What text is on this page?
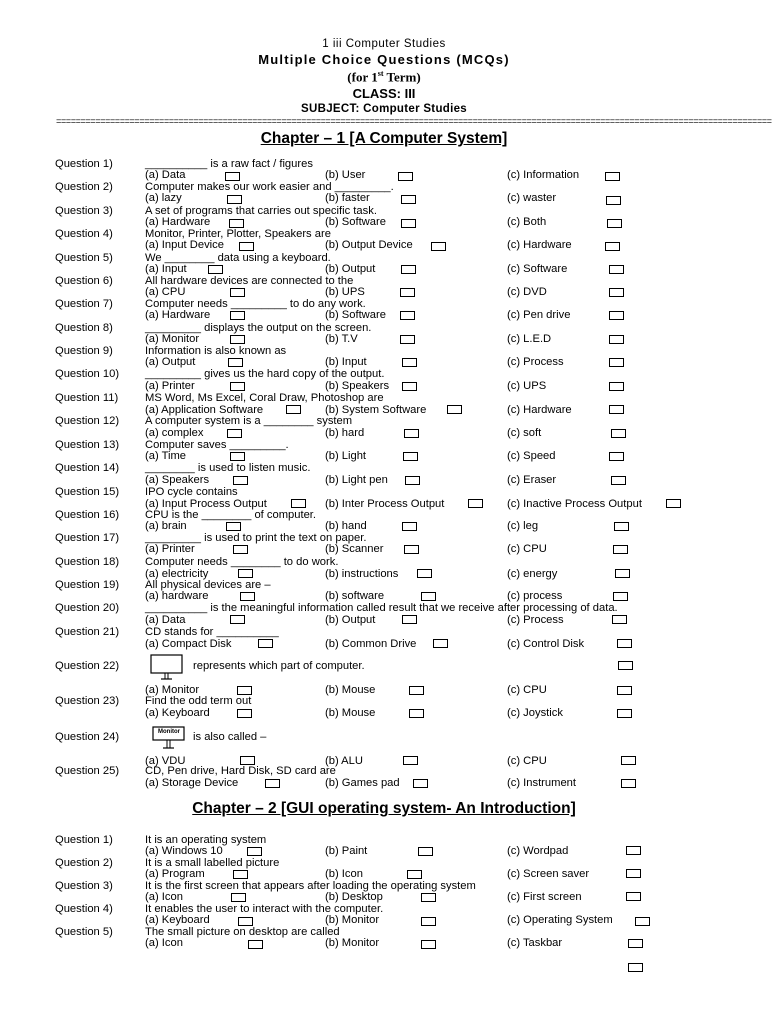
1 iii Computer Studies
Multiple Choice Questions (MCQs)
(for 1st Term)
CLASS: III
SUBJECT: Computer Studies
==================================================================================================================================================
Chapter – 1 [A Computer System]
Chapter – 2 [GUI operating system- An Introduction]
Question 1)	__________ is a raw fact / figures
(a) Data	(b) User	(c) Information
Question 2)	Computer makes our work easier and _________.
(a) lazy	(b) faster	(c) waster
Question 3)	A set of programs that carries out specific task.
(a) Hardware	(b) Software	(c) Both
Question 4)	Monitor, Printer, Plotter, Speakers are
(a) Input Device	(b) Output Device	(c) Hardware
Question 5)	We ________ data using a keyboard.
(a) Input	(b) Output	(c) Software
Question 6)	All hardware devices are connected to the
(a) CPU	(b) UPS	(c) DVD
Question 7)	Computer needs _________ to do any work.
(a) Hardware	(b) Software	(c) Pen drive
Question 8)	_________ displays the output on the screen.
(a) Monitor	(b) T.V	(c) L.E.D
Question 9)	Information is also known as
(a) Output	(b) Input	(c) Process
Question 10) _________ gives us the hard copy of the output.
(a) Printer	(b) Speakers	(c) UPS
Question 11) MS Word, Ms Excel, Coral Draw, Photoshop are
(a) Application Software	(b) System Software	(c) Hardware
Question 12) A computer system is a ________ system
(a) complex	(b) hard	(c) soft
Question 13) Computer saves _________.
(a) Time	(b) Light	(c) Speed
Question 14) ________ is used to listen music.
(a) Speakers	(b) Light pen	(c) Eraser
Question 15) IPO cycle contains
(a) Input Process Output	(b) Inter Process Output	(c) Inactive Process Output
Question 16) CPU is the ________ of computer.
(a) brain	(b) hand	(c) leg
Question 17) _________ is used to print the text on paper.
(a) Printer	(b) Scanner	(c) CPU
Question 18) Computer needs ________ to do work.
(a) electricity	(b) instructions	(c) energy
Question 19) All physical devices are –
(a) hardware	(b) software	(c) process
Question 20) __________ is the meaningful information called result that we receive after processing of data.
(a) Data	(b) Output	(c) Process
Question 21) CD stands for __________
(a) Compact Disk	(b) Common Drive	(c) Control Disk
Question 22)	represents which part of computer.
(a) Monitor	(b) Mouse	(c) CPU
Question 23) Find the odd term out
(a) Keyboard	(b) Mouse	(c) Joystick
Question 24)	is also called –
(a) VDU	(b) ALU	(c) CPU
Question 25) CD, Pen drive, Hard Disk, SD card are
(a) Storage Device	(b) Games pad	(c) Instrument
Question 1)	It is an operating system
(a) Windows 10	(b) Paint	(c) Wordpad
Question 2)	It is a small labelled picture
(a) Program	(b) Icon	(c) Screen saver
Question 3)	It is the first screen that appears after loading the operating system
(a) Icon	(b) Desktop	(c) First screen
Question 4)	It enables the user to interact with the computer.
(a) Keyboard	(b) Monitor	(c) Operating System
Question 5)	The small picture on desktop are called
(a) Icon	(b) Monitor	(c) Taskbar
Monitor
